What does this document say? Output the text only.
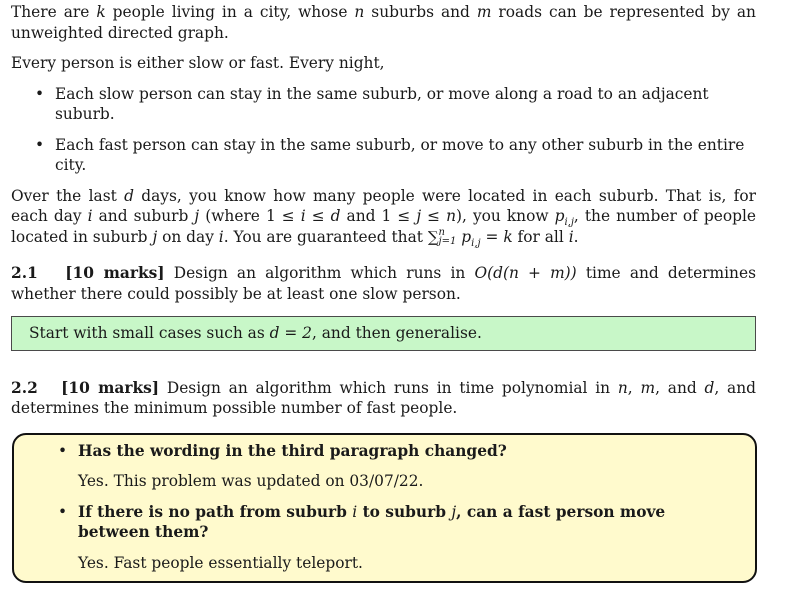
There are k people living in a city, whose n suburbs and m roads can be represented by an unweighted directed graph.

Every person is either slow or fast. Every night,

• Each slow person can stay in the same suburb, or move along a road to an adjacent suburb.
• Each fast person can stay in the same suburb, or move to any other suburb in the entire city.

Over the last d days, you know how many people were located in each suburb. That is, for each day i and suburb j (where 1 ≤ i ≤ d and 1 ≤ j ≤ n), you know $p_{i,j}$, the number of people located in suburb j on day i. You are guaranteed that ∑ n
j=1 $p_{i,j} = k$ for all i.

2.1 [10 marks] Design an algorithm which runs in O(d(n + m)) time and determines whether there could possibly be at least one slow person.

Start with small cases such as d = 2, and then generalise.

2.2 [10 marks] Design an algorithm which runs in time polynomial in n, m, and d, and determines the minimum possible number of fast people.

• Has the wording in the third paragraph changed?
Yes. This problem was updated on 03/07/22.
• If there is no path from suburb i to suburb j, can a fast person move between them?
Yes. Fast people essentially teleport.
